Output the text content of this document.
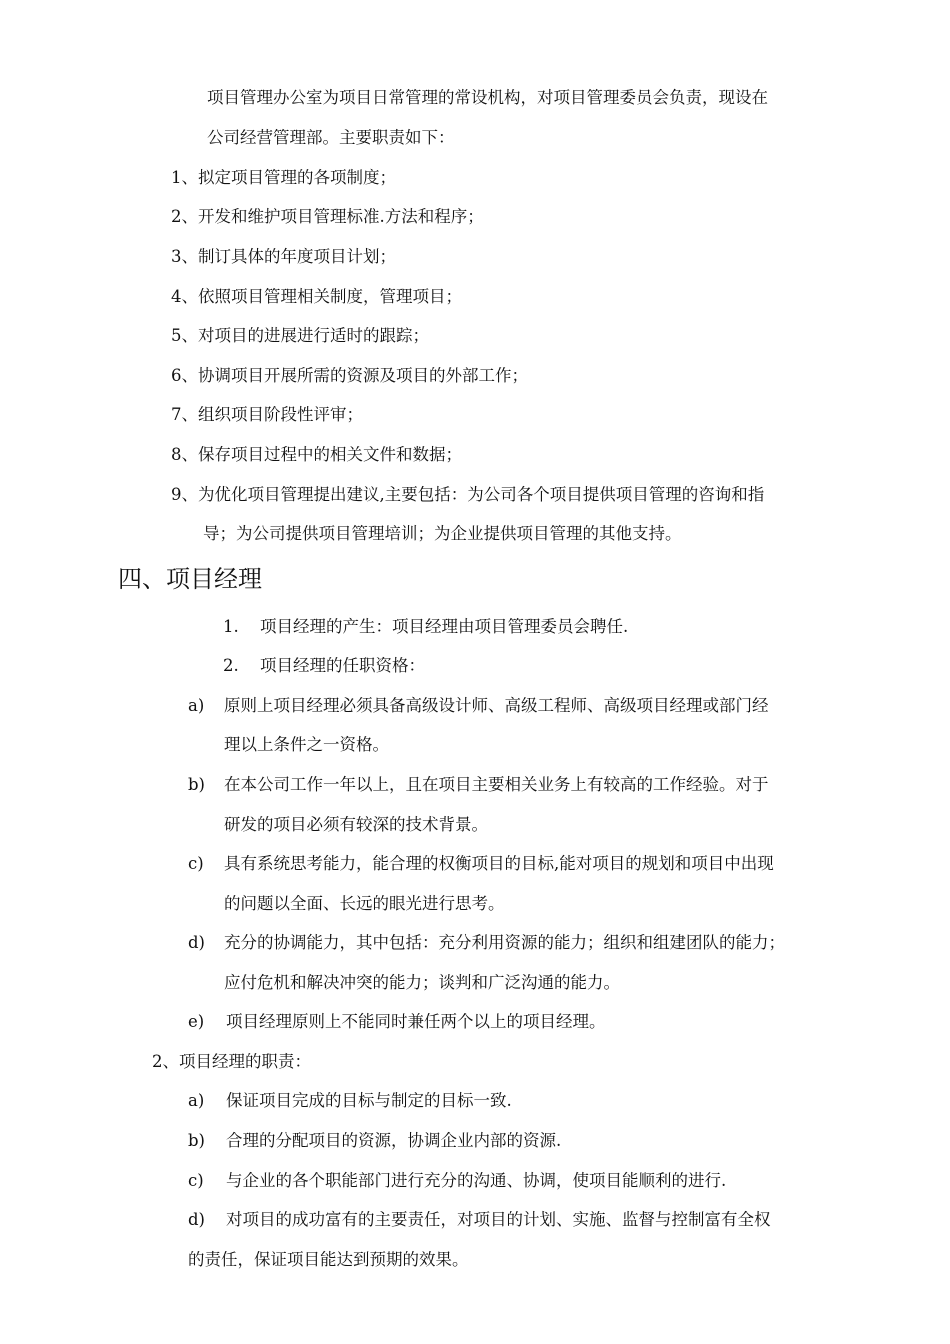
项目管理办公室为项目日常管理的常设机构，对项目管理委员会负责，现设在
公司经营管理部。主要职责如下：
1、拟定项目管理的各项制度；
2、开发和维护项目管理标准.方法和程序；
3、制订具体的年度项目计划；
4、依照项目管理相关制度，管理项目；
5、对项目的进展进行适时的跟踪；
6、协调项目开展所需的资源及项目的外部工作；
7、组织项目阶段性评审；
8、保存项目过程中的相关文件和数据；
9、为优化项目管理提出建议,主要包括：为公司各个项目提供项目管理的咨询和指
导；为公司提供项目管理培训；为企业提供项目管理的其他支持。
四、项目经理
1. 项目经理的产生：项目经理由项目管理委员会聘任.
2. 项目经理的任职资格：
a) 原则上项目经理必须具备高级设计师、高级工程师、高级项目经理或部门经
理以上条件之一资格。
b) 在本公司工作一年以上，且在项目主要相关业务上有较高的工作经验。对于
研发的项目必须有较深的技术背景。
c) 具有系统思考能力，能合理的权衡项目的目标,能对项目的规划和项目中出现
的问题以全面、长远的眼光进行思考。
d) 充分的协调能力，其中包括：充分利用资源的能力；组织和组建团队的能力；
应付危机和解决冲突的能力；谈判和广泛沟通的能力。
e) 项目经理原则上不能同时兼任两个以上的项目经理。
2、项目经理的职责：
a) 保证项目完成的目标与制定的目标一致.
b) 合理的分配项目的资源，协调企业内部的资源.
c) 与企业的各个职能部门进行充分的沟通、协调，使项目能顺利的进行.
d) 对项目的成功富有的主要责任，对项目的计划、实施、监督与控制富有全权
的责任，保证项目能达到预期的效果。
